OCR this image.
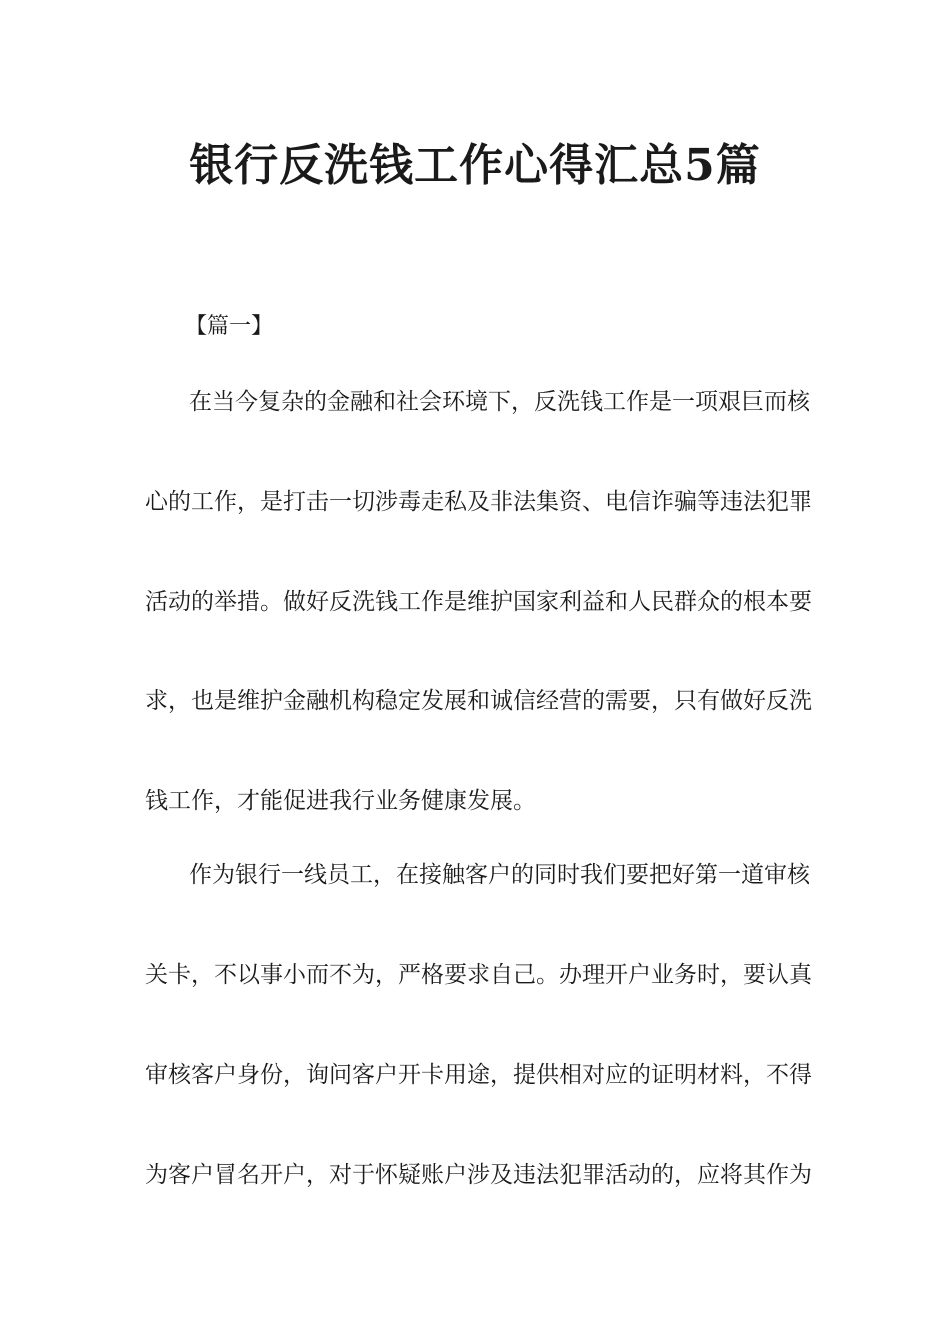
银行反洗钱工作心得汇总5篇
【篇一】
在当今复杂的金融和社会环境下，反洗钱工作是一项艰巨而核
心的工作，是打击一切涉毒走私及非法集资、电信诈骗等违法犯罪
活动的举措。做好反洗钱工作是维护国家利益和人民群众的根本要
求，也是维护金融机构稳定发展和诚信经营的需要，只有做好反洗
钱工作，才能促进我行业务健康发展。
作为银行一线员工，在接触客户的同时我们要把好第一道审核
关卡，不以事小而不为，严格要求自己。办理开户业务时，要认真
审核客户身份，询问客户开卡用途，提供相对应的证明材料，不得
为客户冒名开户，对于怀疑账户涉及违法犯罪活动的，应将其作为
